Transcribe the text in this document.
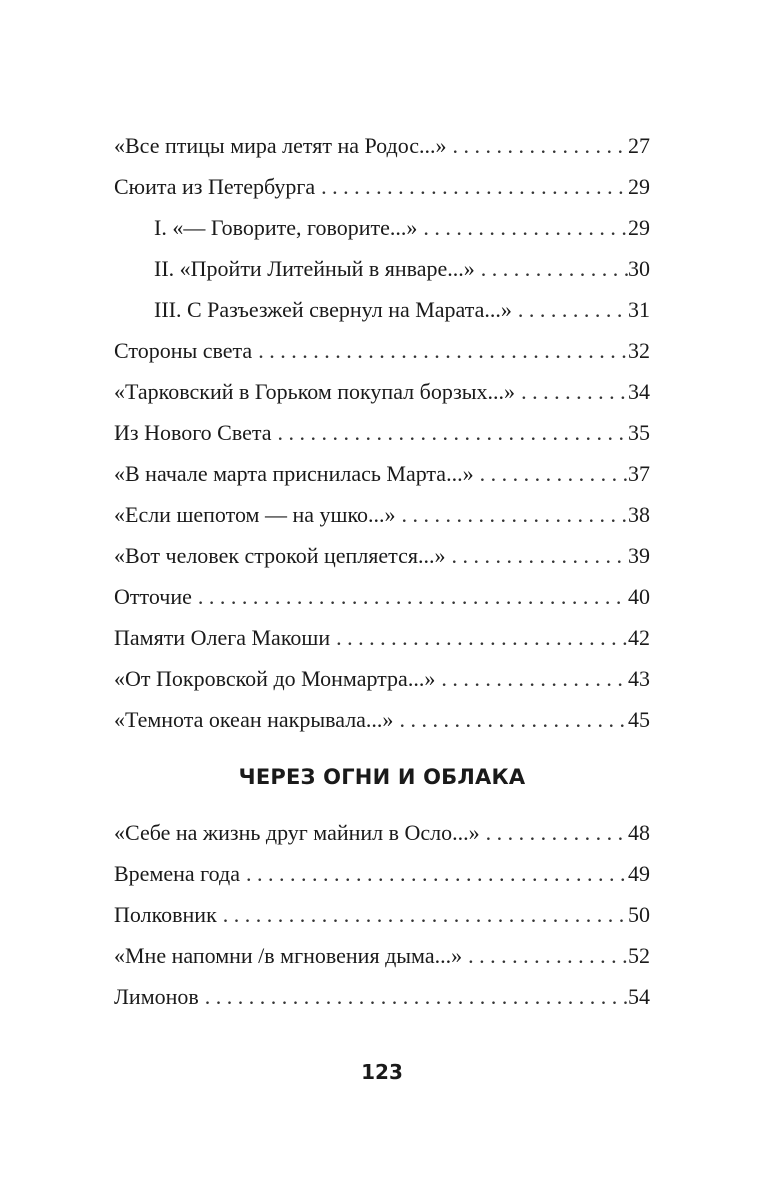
«Все птицы мира летят на Родос...» . . .	27
Сюита из Петербурга . . .	29
I. «— Говорите, говорите...» . . .	29
II. «Пройти Литейный в январе...» . . .	30
III. С Разъезжей свернул на Марата...» . . .	31
Стороны света . . .	32
«Тарковский в Горьком покупал борзых...» . . .	34
Из Нового Света . . .	35
«В начале марта приснилась Марта...» . . .	37
«Если шепотом — на ушко...» . . .	38
«Вот человек строкой цепляется...» . . .	39
Отточие . . .	40
Памяти Олега Макоши . . .	42
«От Покровской до Монмартра...» . . .	43
«Темнота океан накрывала...» . . .	45
ЧЕРЕЗ ОГНИ И ОБЛАКА
«Себе на жизнь друг майнил в Осло...» . . .	48
Времена года . . .	49
Полковник . . .	50
«Мне напомни /в мгновения дыма...» . . .	52
Лимонов . . .	54
123
